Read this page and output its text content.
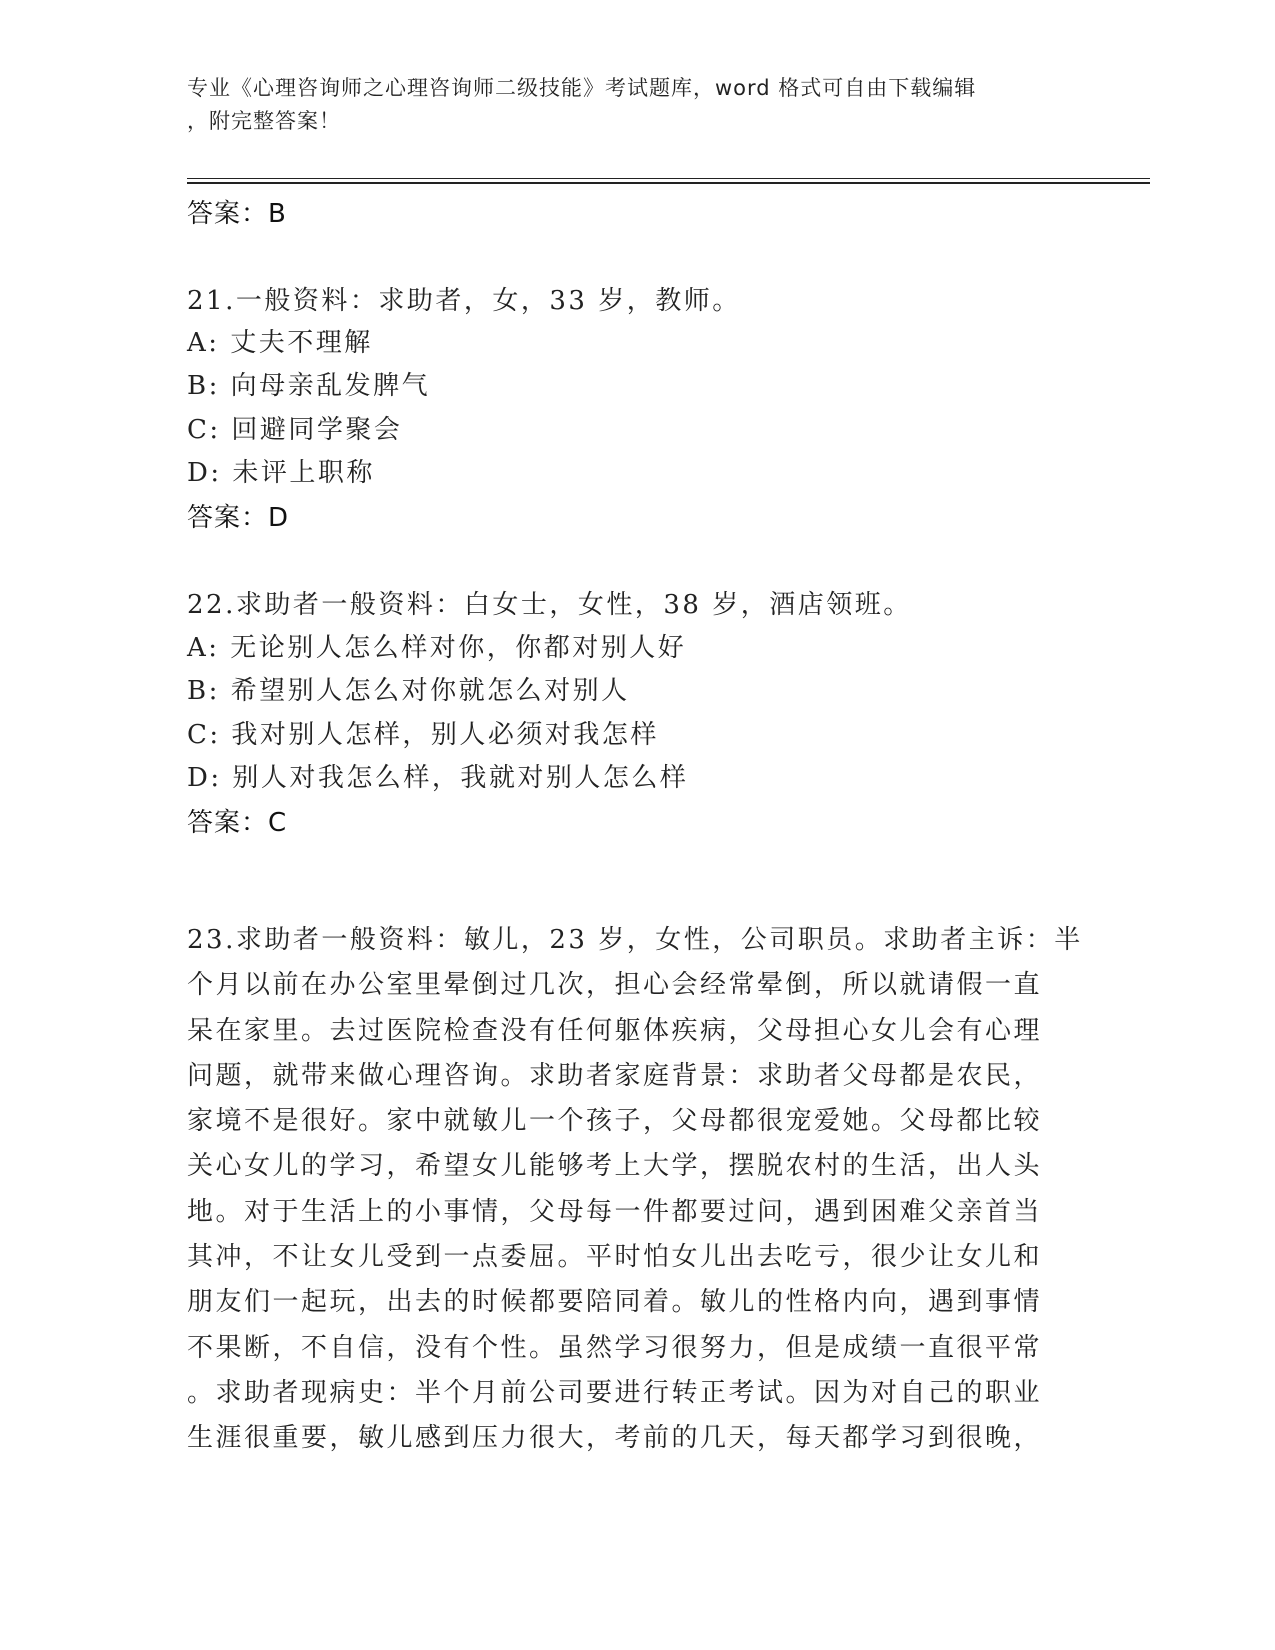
专业《心理咨询师之心理咨询师二级技能》考试题库，word 格式可自由下载编辑
，附完整答案！
答案：B
21.一般资料：求助者，女，33 岁，教师。
A: 丈夫不理解
B: 向母亲乱发脾气
C: 回避同学聚会
D: 未评上职称
答案：D
22.求助者一般资料：白女士，女性，38 岁，酒店领班。
A: 无论别人怎么样对你，你都对别人好
B: 希望别人怎么对你就怎么对别人
C: 我对别人怎样，别人必须对我怎样
D: 别人对我怎么样，我就对别人怎么样
答案：C
23.求助者一般资料：敏儿，23 岁，女性，公司职员。求助者主诉：半
个月以前在办公室里晕倒过几次，担心会经常晕倒，所以就请假一直
呆在家里。去过医院检查没有任何躯体疾病，父母担心女儿会有心理
问题，就带来做心理咨询。求助者家庭背景：求助者父母都是农民，
家境不是很好。家中就敏儿一个孩子，父母都很宠爱她。父母都比较
关心女儿的学习，希望女儿能够考上大学，摆脱农村的生活，出人头
地。对于生活上的小事情，父母每一件都要过问，遇到困难父亲首当
其冲，不让女儿受到一点委屈。平时怕女儿出去吃亏，很少让女儿和
朋友们一起玩，出去的时候都要陪同着。敏儿的性格内向，遇到事情
不果断，不自信，没有个性。虽然学习很努力，但是成绩一直很平常
。求助者现病史：半个月前公司要进行转正考试。因为对自己的职业
生涯很重要，敏儿感到压力很大，考前的几天，每天都学习到很晚，
